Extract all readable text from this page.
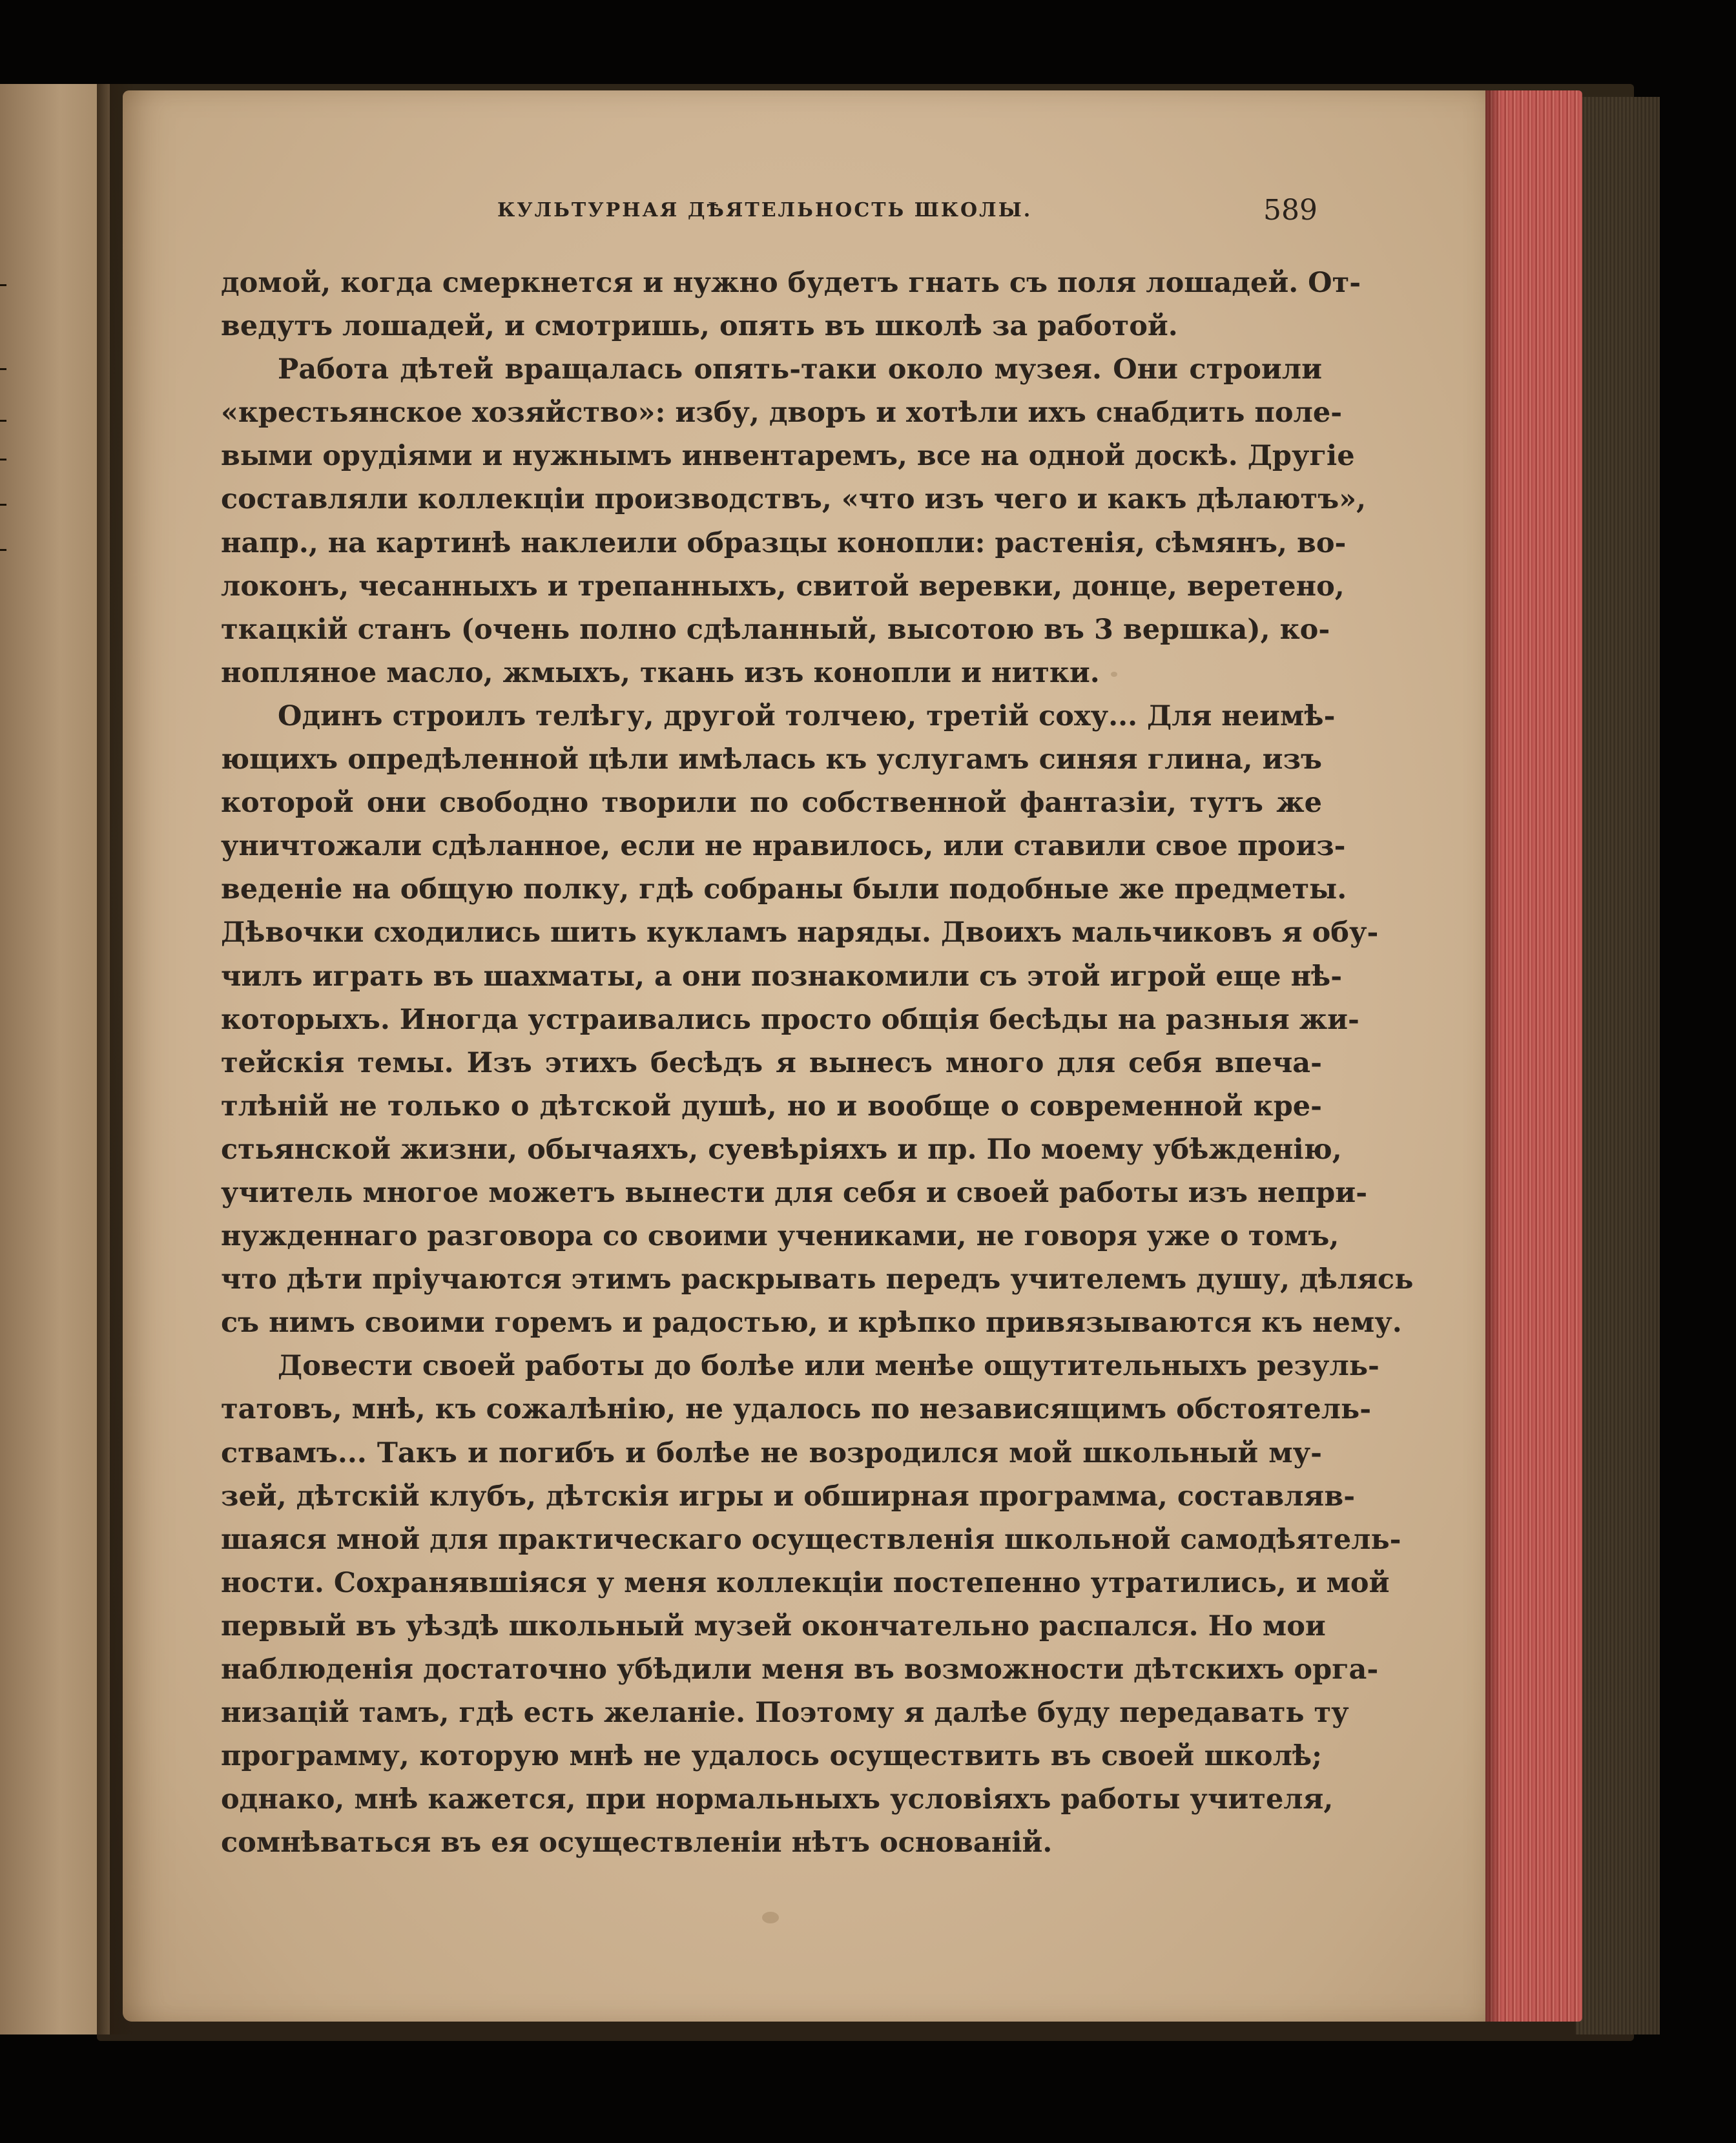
КУЛЬТУРНАЯ ДѢЯТЕЛЬНОСТЬ ШКОЛЫ.	589
домой, когда смеркнется и нужно будетъ гнать съ поля лошадей. От-
ведутъ лошадей, и смотришь, опять въ школѣ за работой.
Работа дѣтей вращалась опять-таки около музея. Они строили
«крестьянское хозяйство»: избу, дворъ и хотѣли ихъ снабдить поле-
выми орудіями и нужнымъ инвентаремъ, все на одной доскѣ. Другіе
составляли коллекціи производствъ, «что изъ чего и какъ дѣлаютъ»,
напр., на картинѣ наклеили образцы конопли: растенія, сѣмянъ, во-
локонъ, чесанныхъ и трепанныхъ, свитой веревки, донце, веретено,
ткацкій станъ (очень полно сдѣланный, высотою въ 3 вершка), ко-
нопляное масло, жмыхъ, ткань изъ конопли и нитки.
Одинъ строилъ телѣгу, другой толчею, третій соху... Для неимѣ-
ющихъ опредѣленной цѣли имѣлась къ услугамъ синяя глина, изъ
которой они свободно творили по собственной фантазіи, тутъ же
уничтожали сдѣланное, если не нравилось, или ставили свое произ-
веденіе на общую полку, гдѣ собраны были подобные же предметы.
Дѣвочки сходились шить кукламъ наряды. Двоихъ мальчиковъ я обу-
чилъ играть въ шахматы, а они познакомили съ этой игрой еще нѣ-
которыхъ. Иногда устраивались просто общія бесѣды на разныя жи-
тейскія темы. Изъ этихъ бесѣдъ я вынесъ много для себя впеча-
тлѣній не только о дѣтской душѣ, но и вообще о современной кре-
стьянской жизни, обычаяхъ, суевѣріяхъ и пр. По моему убѣжденію,
учитель многое можетъ вынести для себя и своей работы изъ непри-
нужденнаго разговора со своими учениками, не говоря уже о томъ,
что дѣти пріучаются этимъ раскрывать передъ учителемъ душу, дѣлясь
съ нимъ своими горемъ и радостью, и крѣпко привязываются къ нему.
Довести своей работы до болѣе или менѣе ощутительныхъ резуль-
татовъ, мнѣ, къ сожалѣнію, не удалось по независящимъ обстоятель-
ствамъ... Такъ и погибъ и болѣе не возродился мой школьный му-
зей, дѣтскій клубъ, дѣтскія игры и обширная программа, составляв-
шаяся мной для практическаго осуществленія школьной самодѣятель-
ности. Сохранявшіяся у меня коллекціи постепенно утратились, и мой
первый въ уѣздѣ школьный музей окончательно распался. Но мои
наблюденія достаточно убѣдили меня въ возможности дѣтскихъ орга-
низацій тамъ, гдѣ есть желаніе. Поэтому я далѣе буду передавать ту
программу, которую мнѣ не удалось осуществить въ своей школѣ;
однако, мнѣ кажется, при нормальныхъ условіяхъ работы учителя,
сомнѣваться въ ея осуществленіи нѣтъ основаній.
